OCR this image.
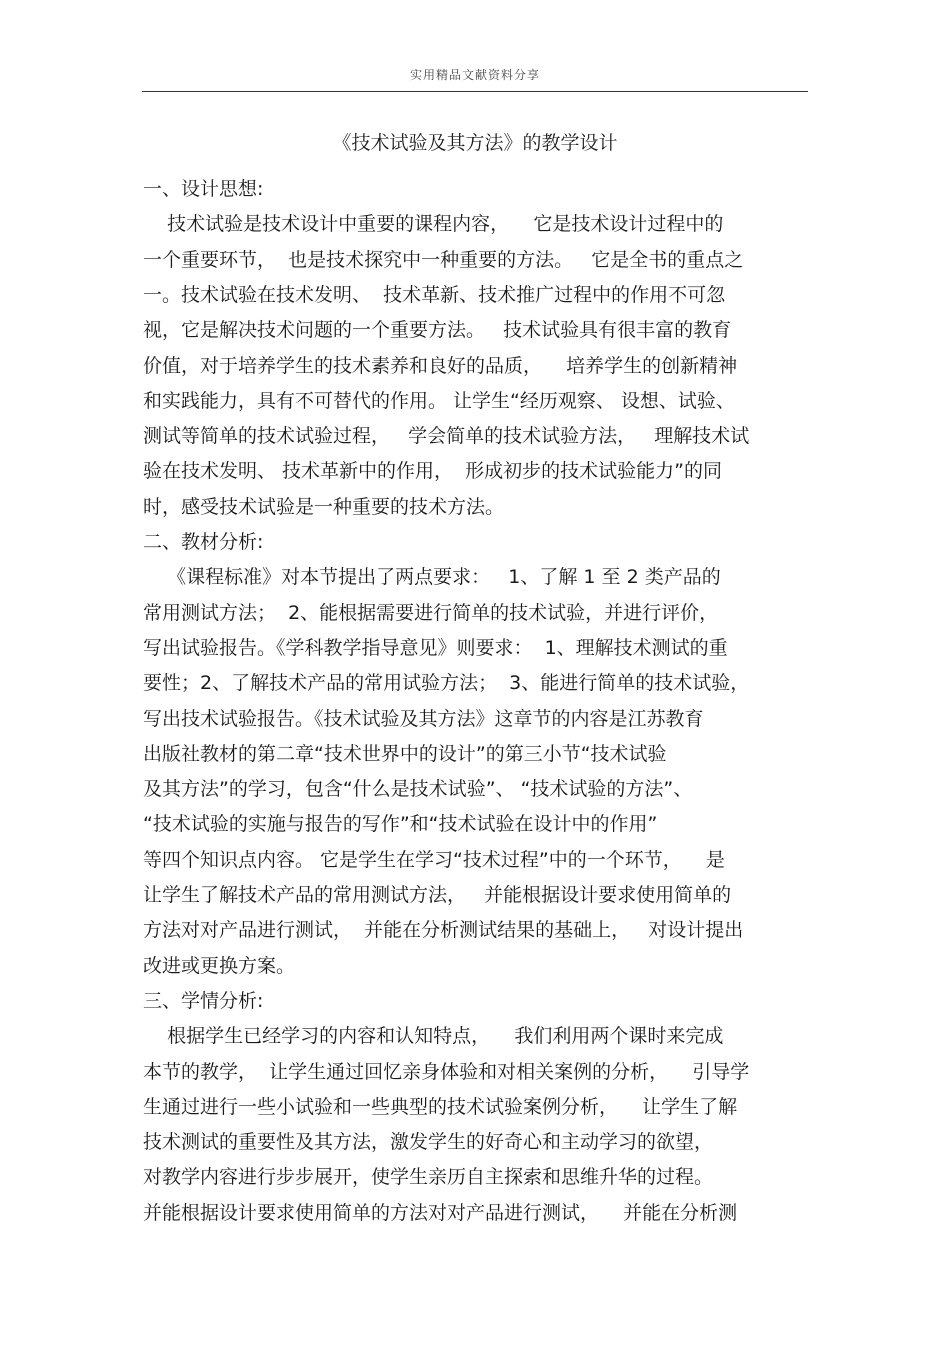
实用精品文献资料分享
《技术试验及其方法》的教学设计
一、设计思想:
技术试验是技术设计中重要的课程内容，    它是技术设计过程中的
一个重要环节，  也是技术探究中一种重要的方法。   它是全书的重点之
一。技术试验在技术发明、  技术革新、技术推广过程中的作用不可忽
视，它是解决技术问题的一个重要方法。   技术试验具有很丰富的教育
价值，对于培养学生的技术素养和良好的品质，    培养学生的创新精神
和实践能力，具有不可替代的作用。 让学生“经历观察、 设想、试验、
测试等简单的技术试验过程，   学会简单的技术试验方法，   理解技术试
验在技术发明、 技术革新中的作用，  形成初步的技术试验能力”的同
时，感受技术试验是一种重要的技术方法。
二、教材分析:
《课程标准》对本节提出了两点要求：   1、了解 1 至 2 类产品的
常用测试方法；  2、能根据需要进行简单的技术试验，并进行评价，
写出试验报告。《学科教学指导意见》则要求：  1、理解技术测试的重
要性；2、了解技术产品的常用试验方法；  3、能进行简单的技术试验，
写出技术试验报告。《技术试验及其方法》这章节的内容是江苏教育
出版社教材的第二章“技术世界中的设计”的第三小节“技术试验
及其方法”的学习，包含“什么是技术试验”、 “技术试验的方法”、
“技术试验的实施与报告的写作”和“技术试验在设计中的作用”
等四个知识点内容。 它是学生在学习“技术过程”中的一个环节，    是
让学生了解技术产品的常用测试方法，   并能根据设计要求使用简单的
方法对对产品进行测试，  并能在分析测试结果的基础上，   对设计提出
改进或更换方案。
三、学情分析:
根据学生已经学习的内容和认知特点，    我们利用两个课时来完成
本节的教学，  让学生通过回忆亲身体验和对相关案例的分析，    引导学
生通过进行一些小试验和一些典型的技术试验案例分析，    让学生了解
技术测试的重要性及其方法，激发学生的好奇心和主动学习的欲望，
对教学内容进行步步展开，使学生亲历自主探索和思维升华的过程。
并能根据设计要求使用简单的方法对对产品进行测试，    并能在分析测
